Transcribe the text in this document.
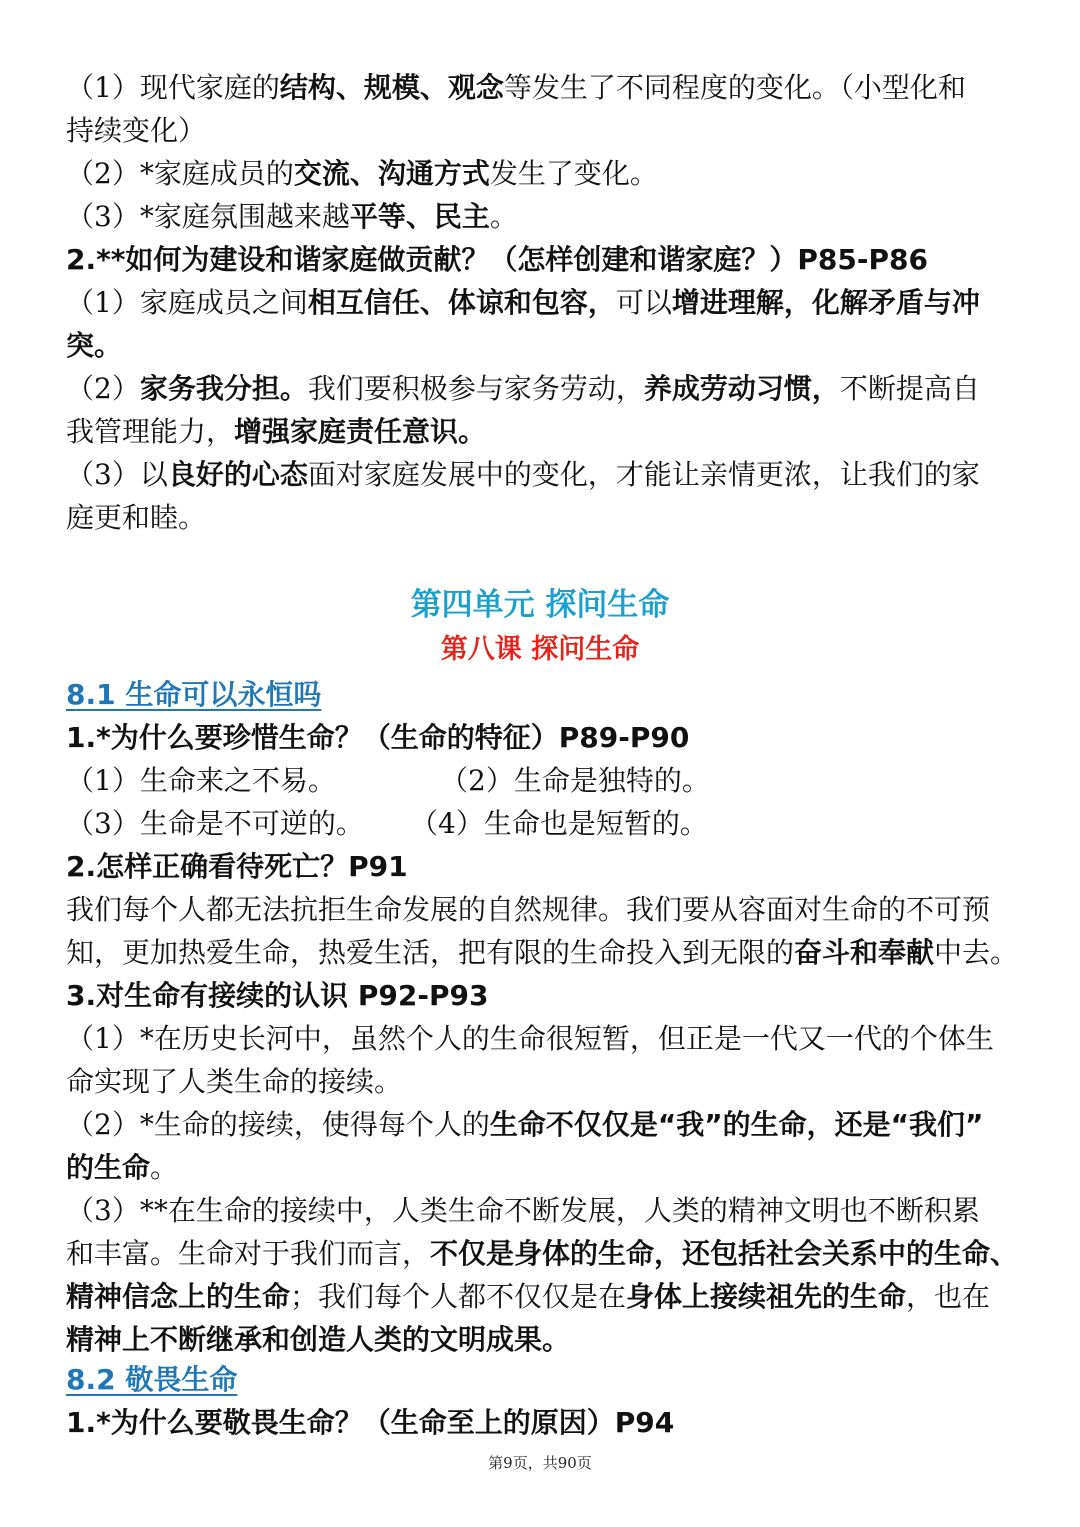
（1）现代家庭的结构、规模、观念等发生了不同程度的变化。（小型化和
持续变化）
（2）*家庭成员的交流、沟通方式发生了变化。
（3）*家庭氛围越来越平等、民主。
2.**如何为建设和谐家庭做贡献？（怎样创建和谐家庭？）P85-P86
（1）家庭成员之间相互信任、体谅和包容，可以增进理解，化解矛盾与冲
突。
（2）家务我分担。我们要积极参与家务劳动，养成劳动习惯，不断提高自
我管理能力，增强家庭责任意识。
（3）以良好的心态面对家庭发展中的变化，才能让亲情更浓，让我们的家
庭更和睦。
第四单元 探问生命
第八课 探问生命
8.1 生命可以永恒吗
1.*为什么要珍惜生命？（生命的特征）P89-P90
（1）生命来之不易。	（2）生命是独特的。
（3）生命是不可逆的。 （4）生命也是短暂的。
2.怎样正确看待死亡？P91
我们每个人都无法抗拒生命发展的自然规律。我们要从容面对生命的不可预
知，更加热爱生命，热爱生活，把有限的生命投入到无限的奋斗和奉献中去。
3.对生命有接续的认识 P92-P93
（1）*在历史长河中，虽然个人的生命很短暂，但正是一代又一代的个体生
命实现了人类生命的接续。
（2）*生命的接续，使得每个人的生命不仅仅是“我”的生命，还是“我们”
的生命。
（3）**在生命的接续中，人类生命不断发展，人类的精神文明也不断积累
和丰富。生命对于我们而言，不仅是身体的生命，还包括社会关系中的生命、
精神信念上的生命；我们每个人都不仅仅是在身体上接续祖先的生命，也在
精神上不断继承和创造人类的文明成果。
8.2 敬畏生命
1.*为什么要敬畏生命？（生命至上的原因）P94
第9页，共90页
